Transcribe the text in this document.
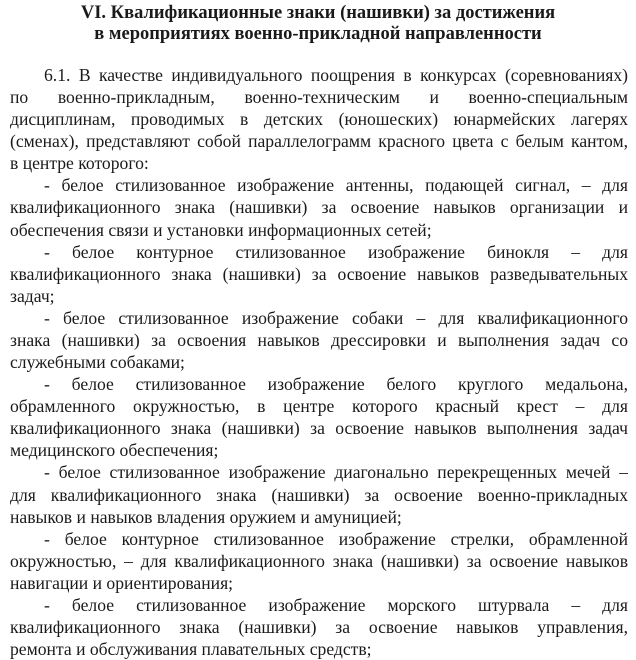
VI. Квалификационные знаки (нашивки) за достижения
в мероприятиях военно-прикладной направленности
6.1. В качестве индивидуального поощрения в конкурсах (соревнованиях)
по военно-прикладным, военно-техническим и военно-специальным
дисциплинам, проводимых в детских (юношеских) юнармейских лагерях
(сменах), представляют собой параллелограмм красного цвета с белым кантом,
в центре которого:
- белое стилизованное изображение антенны, подающей сигнал, – для
квалификационного знака (нашивки) за освоение навыков организации и
обеспечения связи и установки информационных сетей;
- белое контурное стилизованное изображение бинокля – для
квалификационного знака (нашивки) за освоение навыков разведывательных
задач;
- белое стилизованное изображение собаки – для квалификационного
знака (нашивки) за освоения навыков дрессировки и выполнения задач со
служебными собаками;
- белое стилизованное изображение белого круглого медальона,
обрамленного окружностью, в центре которого красный крест – для
квалификационного знака (нашивки) за освоение навыков выполнения задач
медицинского обеспечения;
- белое стилизованное изображение диагонально перекрещенных мечей –
для квалификационного знака (нашивки) за освоение военно-прикладных
навыков и навыков владения оружием и амуницией;
- белое контурное стилизованное изображение стрелки, обрамленной
окружностью, – для квалификационного знака (нашивки) за освоение навыков
навигации и ориентирования;
- белое стилизованное изображение морского штурвала – для
квалификационного знака (нашивки) за освоение навыков управления,
ремонта и обслуживания плавательных средств;
